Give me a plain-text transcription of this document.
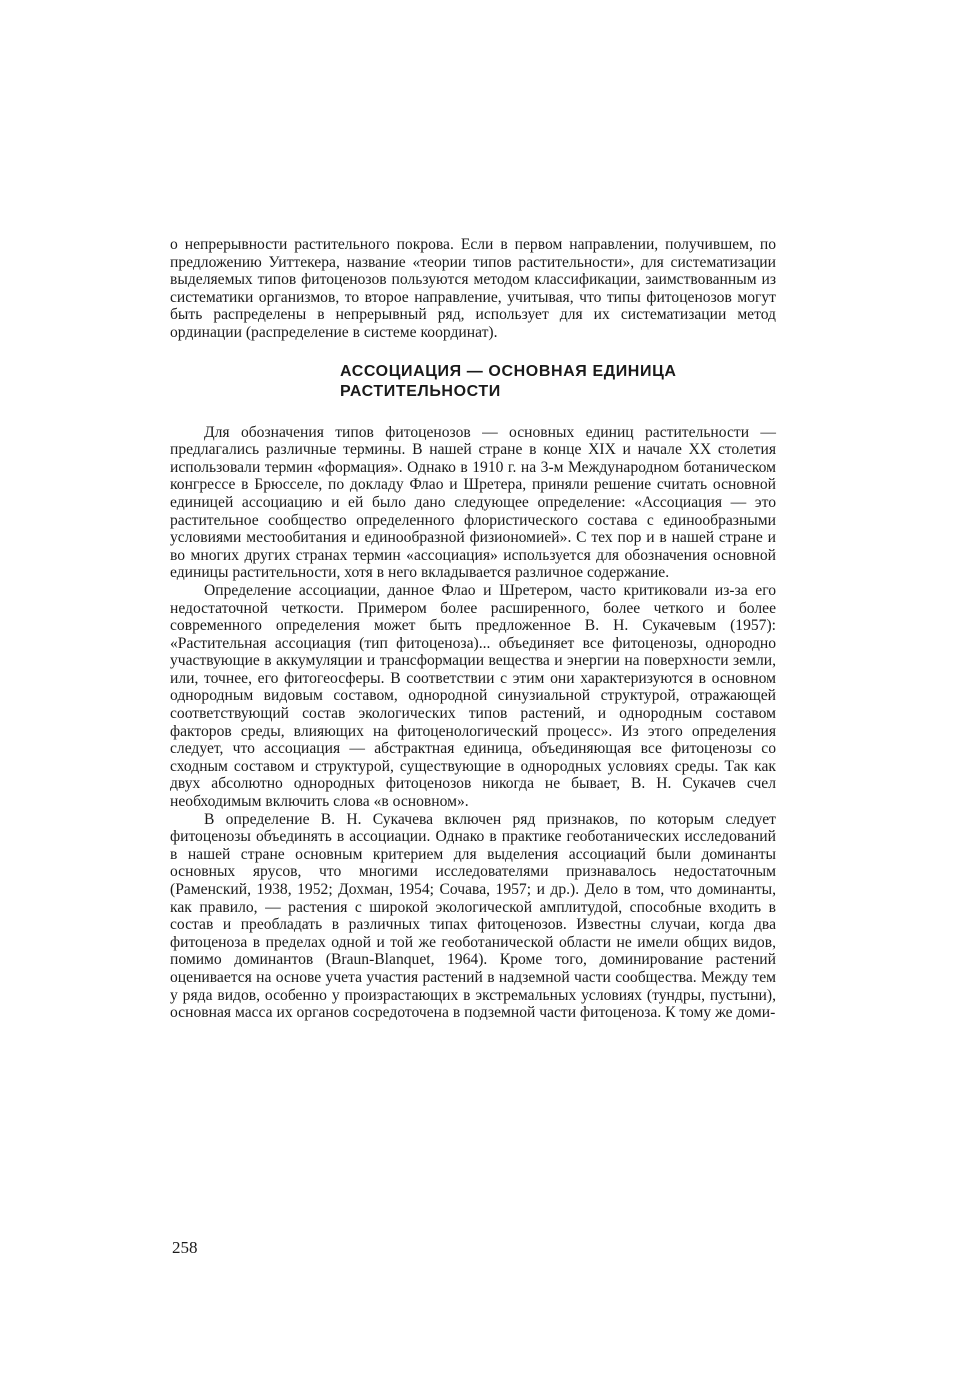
о непрерывности растительного покрова. Если в первом направлении, получившем, по предложению Уиттекера, название «теории типов растительности», для систематизации выделяемых типов фитоценозов пользуются методом классификации, заимствованным из систематики организмов, то второе направление, учитывая, что типы фитоценозов могут быть распределены в непрерывный ряд, использует для их систематизации метод ординации (распределение в системе координат).

АССОЦИАЦИЯ — ОСНОВНАЯ ЕДИНИЦА
РАСТИТЕЛЬНОСТИ

Для обозначения типов фитоценозов — основных единиц растительности — предлагались различные термины. В нашей стране в конце XIX и начале XX столетия использовали термин «формация». Однако в 1910 г. на 3-м Международном ботаническом конгрессе в Брюсселе, по докладу Флао и Шретера, приняли решение считать основной единицей ассоциацию и ей было дано следующее определение: «Ассоциация — это растительное сообщество определенного флористического состава с единообразными условиями местообитания и единообразной физиономией». С тех пор и в нашей стране и во многих других странах термин «ассоциация» используется для обозначения основной единицы растительности, хотя в него вкладывается различное содержание.

Определение ассоциации, данное Флао и Шретером, часто критиковали из-за его недостаточной четкости. Примером более расширенного, более четкого и более современного определения может быть предложенное В. Н. Сукачевым (1957): «Растительная ассоциация (тип фитоценоза)... объединяет все фитоценозы, однородно участвующие в аккумуляции и трансформации вещества и энергии на поверхности земли, или, точнее, его фитогеосферы. В соответствии с этим они характеризуются в основном однородным видовым составом, однородной синузиальной структурой, отражающей соответствующий состав экологических типов растений, и однородным составом факторов среды, влияющих на фитоценологический процесс». Из этого определения следует, что ассоциация — абстрактная единица, объединяющая все фитоценозы со сходным составом и структурой, существующие в однородных условиях среды. Так как двух абсолютно однородных фитоценозов никогда не бывает, В. Н. Сукачев счел необходимым включить слова «в основном».

В определение В. Н. Сукачева включен ряд признаков, по которым следует фитоценозы объединять в ассоциации. Однако в практике геоботанических исследований в нашей стране основным критерием для выделения ассоциаций были доминанты основных ярусов, что многими исследователями признавалось недостаточным (Раменский, 1938, 1952; Дохман, 1954; Сочава, 1957; и др.). Дело в том, что доминанты, как правило, — растения с широкой экологической амплитудой, способные входить в состав и преобладать в различных типах фитоценозов. Известны случаи, когда два фитоценоза в пределах одной и той же геоботанической области не имели общих видов, помимо доминантов (Braun-Blanquet, 1964). Кроме того, доминирование растений оценивается на основе учета участия растений в надземной части сообщества. Между тем у ряда видов, особенно у произрастающих в экстремальных условиях (тундры, пустыни), основная масса их органов сосредоточена в подземной части фитоценоза. К тому же доми-

258
